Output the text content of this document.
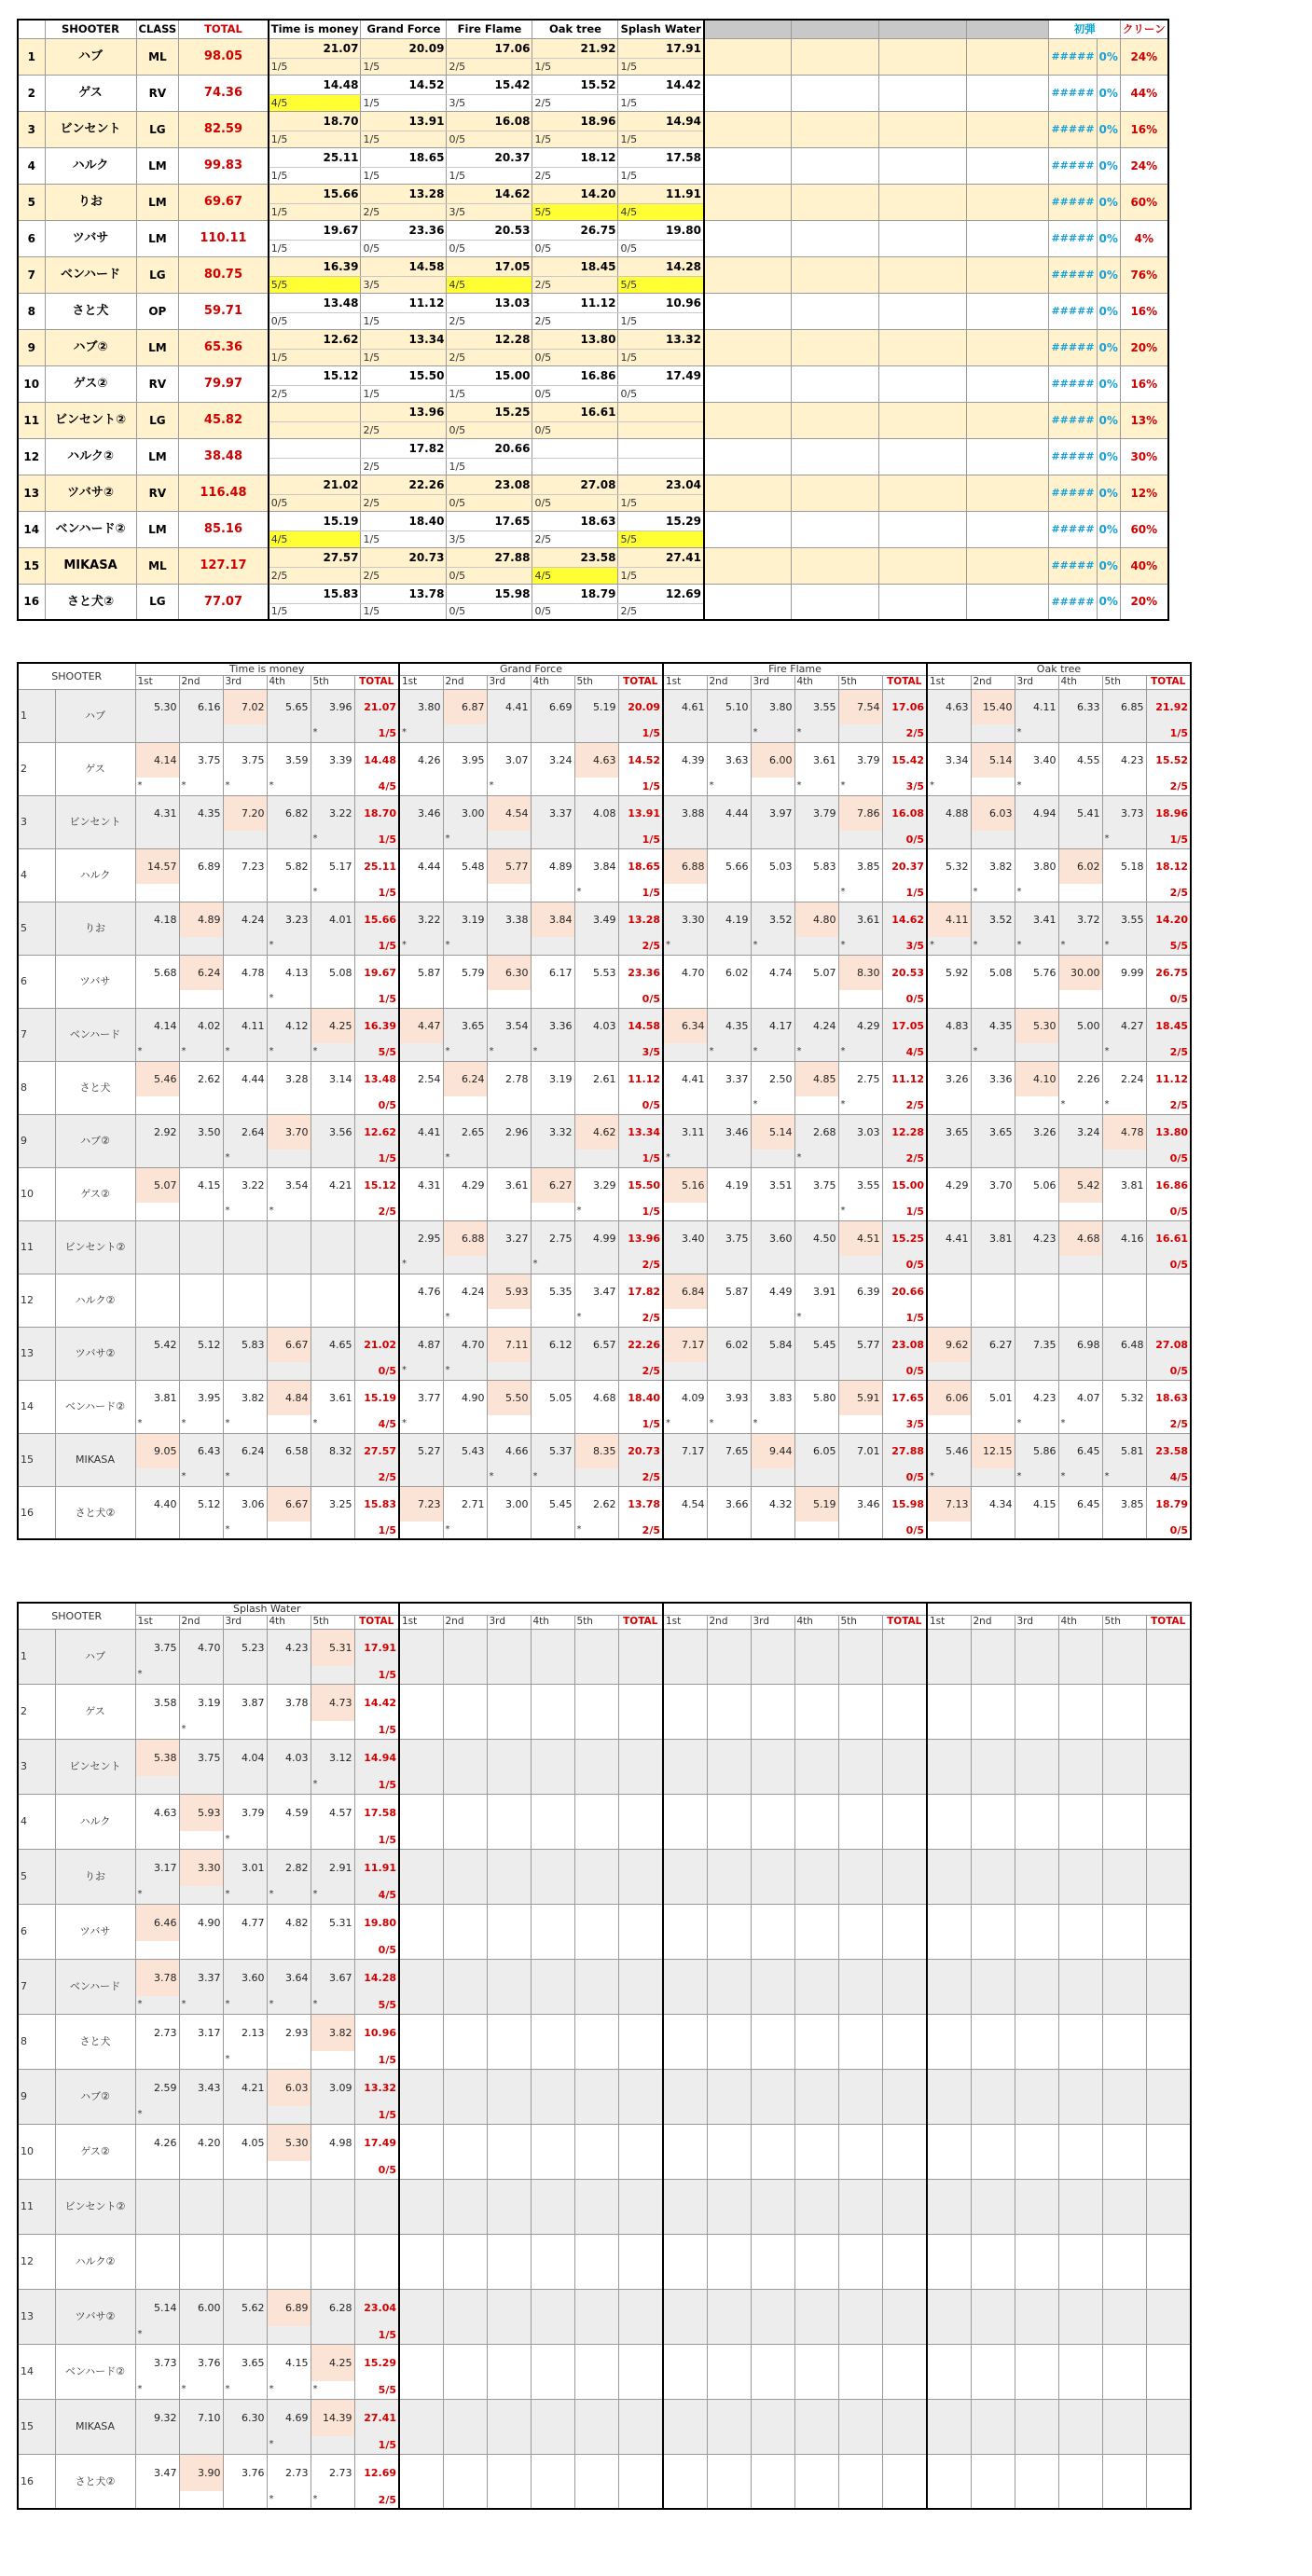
	SHOOTER	CLASS	TOTAL	Time is money	Grand Force	Fire Flame	Oak tree	Splash Water					初弾		クリーン
1	ハブ	ML	98.05	21.07	20.09	17.06	21.92	17.91					#####	0%	24%
				1/5	1/5	2/5	1/5	1/5							
2	ゲス	RV	74.36	14.48	14.52	15.42	15.52	14.42					#####	0%	44%
				4/5	1/5	3/5	2/5	1/5							
3	ビンセント	LG	82.59	18.70	13.91	16.08	18.96	14.94					#####	0%	16%
				1/5	1/5	0/5	1/5	1/5							
4	ハルク	LM	99.83	25.11	18.65	20.37	18.12	17.58					#####	0%	24%
				1/5	1/5	1/5	2/5	1/5							
5	りお	LM	69.67	15.66	13.28	14.62	14.20	11.91					#####	0%	60%
				1/5	2/5	3/5	5/5	4/5							
6	ツバサ	LM	110.11	19.67	23.36	20.53	26.75	19.80					#####	0%	4%
				1/5	0/5	0/5	0/5	0/5							
7	ベンハード	LG	80.75	16.39	14.58	17.05	18.45	14.28					#####	0%	76%
				5/5	3/5	4/5	2/5	5/5							
8	さと犬	OP	59.71	13.48	11.12	13.03	11.12	10.96					#####	0%	16%
				0/5	1/5	2/5	2/5	1/5							
9	ハブ②	LM	65.36	12.62	13.34	12.28	13.80	13.32					#####	0%	20%
				1/5	1/5	2/5	0/5	1/5							
10	ゲス②	RV	79.97	15.12	15.50	15.00	16.86	17.49					#####	0%	16%
				2/5	1/5	1/5	0/5	0/5							
11	ビンセント②	LG	45.82		13.96	15.25	16.61						#####	0%	13%
					2/5	0/5	0/5								
12	ハルク②	LM	38.48		17.82	20.66							#####	0%	30%
					2/5	1/5									
13	ツバサ②	RV	116.48	21.02	22.26	23.08	27.08	23.04					#####	0%	12%
				0/5	2/5	0/5	0/5	1/5							
14	ベンハード②	LM	85.16	15.19	18.40	17.65	18.63	15.29					#####	0%	60%
				4/5	1/5	3/5	2/5	5/5							
15	MIKASA	ML	127.17	27.57	20.73	27.88	23.58	27.41					#####	0%	40%
				2/5	2/5	0/5	4/5	1/5							
16	さと犬②	LG	77.07	15.83	13.78	15.98	18.79	12.69					#####	0%	20%
				1/5	1/5	0/5	0/5	2/5							
SHOOTER		Time is money						Grand Force						Fire Flame						Oak tree					
		1st	2nd	3rd	4th	5th	TOTAL	1st	2nd	3rd	4th	5th	TOTAL	1st	2nd	3rd	4th	5th	TOTAL	1st	2nd	3rd	4th	5th	TOTAL
1	ハブ	5.30	6.16	7.02	5.65	3.96	21.07	3.80	6.87	4.41	6.69	5.19	20.09	4.61	5.10	3.80	3.55	7.54	17.06	4.63	15.40	4.11	6.33	6.85	21.92
						*	1/5	*					1/5			*	*		2/5			*			1/5
2	ゲス	4.14	3.75	3.75	3.59	3.39	14.48	4.26	3.95	3.07	3.24	4.63	14.52	4.39	3.63	6.00	3.61	3.79	15.42	3.34	5.14	3.40	4.55	4.23	15.52
		*	*	*	*		4/5			*			1/5		*		*	*	3/5	*		*			2/5
3	ビンセント	4.31	4.35	7.20	6.82	3.22	18.70	3.46	3.00	4.54	3.37	4.08	13.91	3.88	4.44	3.97	3.79	7.86	16.08	4.88	6.03	4.94	5.41	3.73	18.96
						*	1/5		*				1/5						0/5					*	1/5
4	ハルク	14.57	6.89	7.23	5.82	5.17	25.11	4.44	5.48	5.77	4.89	3.84	18.65	6.88	5.66	5.03	5.83	3.85	20.37	5.32	3.82	3.80	6.02	5.18	18.12
						*	1/5					*	1/5					*	1/5		*	*			2/5
5	りお	4.18	4.89	4.24	3.23	4.01	15.66	3.22	3.19	3.38	3.84	3.49	13.28	3.30	4.19	3.52	4.80	3.61	14.62	4.11	3.52	3.41	3.72	3.55	14.20
					*		1/5	*	*				2/5	*		*		*	3/5	*	*	*	*	*	5/5
6	ツバサ	5.68	6.24	4.78	4.13	5.08	19.67	5.87	5.79	6.30	6.17	5.53	23.36	4.70	6.02	4.74	5.07	8.30	20.53	5.92	5.08	5.76	30.00	9.99	26.75
					*		1/5						0/5						0/5						0/5
7	ベンハード	4.14	4.02	4.11	4.12	4.25	16.39	4.47	3.65	3.54	3.36	4.03	14.58	6.34	4.35	4.17	4.24	4.29	17.05	4.83	4.35	5.30	5.00	4.27	18.45
		*	*	*	*	*	5/5		*	*	*		3/5		*	*	*	*	4/5		*			*	2/5
8	さと犬	5.46	2.62	4.44	3.28	3.14	13.48	2.54	6.24	2.78	3.19	2.61	11.12	4.41	3.37	2.50	4.85	2.75	11.12	3.26	3.36	4.10	2.26	2.24	11.12
							0/5						0/5			*		*	2/5				*	*	2/5
9	ハブ②	2.92	3.50	2.64	3.70	3.56	12.62	4.41	2.65	2.96	3.32	4.62	13.34	3.11	3.46	5.14	2.68	3.03	12.28	3.65	3.65	3.26	3.24	4.78	13.80
				*			1/5		*				1/5	*			*		2/5						0/5
10	ゲス②	5.07	4.15	3.22	3.54	4.21	15.12	4.31	4.29	3.61	6.27	3.29	15.50	5.16	4.19	3.51	3.75	3.55	15.00	4.29	3.70	5.06	5.42	3.81	16.86
				*	*		2/5					*	1/5					*	1/5						0/5
11	ビンセント②							2.95	6.88	3.27	2.75	4.99	13.96	3.40	3.75	3.60	4.50	4.51	15.25	4.41	3.81	4.23	4.68	4.16	16.61
								*			*		2/5						0/5						0/5
12	ハルク②							4.76	4.24	5.93	5.35	3.47	17.82	6.84	5.87	4.49	3.91	6.39	20.66						
									*			*	2/5				*		1/5						
13	ツバサ②	5.42	5.12	5.83	6.67	4.65	21.02	4.87	4.70	7.11	6.12	6.57	22.26	7.17	6.02	5.84	5.45	5.77	23.08	9.62	6.27	7.35	6.98	6.48	27.08
							0/5	*	*				2/5						0/5						0/5
14	ベンハード②	3.81	3.95	3.82	4.84	3.61	15.19	3.77	4.90	5.50	5.05	4.68	18.40	4.09	3.93	3.83	5.80	5.91	17.65	6.06	5.01	4.23	4.07	5.32	18.63
		*	*	*		*	4/5	*					1/5	*	*	*			3/5			*	*		2/5
15	MIKASA	9.05	6.43	6.24	6.58	8.32	27.57	5.27	5.43	4.66	5.37	8.35	20.73	7.17	7.65	9.44	6.05	7.01	27.88	5.46	12.15	5.86	6.45	5.81	23.58
			*	*			2/5			*	*		2/5						0/5	*		*	*	*	4/5
16	さと犬②	4.40	5.12	3.06	6.67	3.25	15.83	7.23	2.71	3.00	5.45	2.62	13.78	4.54	3.66	4.32	5.19	3.46	15.98	7.13	4.34	4.15	6.45	3.85	18.79
				*			1/5		*			*	2/5						0/5						0/5
SHOOTER		Splash Water																							
		1st	2nd	3rd	4th	5th	TOTAL	1st	2nd	3rd	4th	5th	TOTAL	1st	2nd	3rd	4th	5th	TOTAL	1st	2nd	3rd	4th	5th	TOTAL
1	ハブ	3.75	4.70	5.23	4.23	5.31	17.91																		
		*					1/5																		
2	ゲス	3.58	3.19	3.87	3.78	4.73	14.42																		
			*				1/5																		
3	ビンセント	5.38	3.75	4.04	4.03	3.12	14.94																		
						*	1/5																		
4	ハルク	4.63	5.93	3.79	4.59	4.57	17.58																		
				*			1/5																		
5	りお	3.17	3.30	3.01	2.82	2.91	11.91																		
		*		*	*	*	4/5																		
6	ツバサ	6.46	4.90	4.77	4.82	5.31	19.80																		
							0/5																		
7	ベンハード	3.78	3.37	3.60	3.64	3.67	14.28																		
		*	*	*	*	*	5/5																		
8	さと犬	2.73	3.17	2.13	2.93	3.82	10.96																		
				*			1/5																		
9	ハブ②	2.59	3.43	4.21	6.03	3.09	13.32																		
		*					1/5																		
10	ゲス②	4.26	4.20	4.05	5.30	4.98	17.49																		
							0/5																		
11	ビンセント②																								

12	ハルク②																								

13	ツバサ②	5.14	6.00	5.62	6.89	6.28	23.04																		
		*					1/5																		
14	ベンハード②	3.73	3.76	3.65	4.15	4.25	15.29																		
		*	*	*	*	*	5/5																		
15	MIKASA	9.32	7.10	6.30	4.69	14.39	27.41																		
					*		1/5																		
16	さと犬②	3.47	3.90	3.76	2.73	2.73	12.69																		
					*	*	2/5																		
